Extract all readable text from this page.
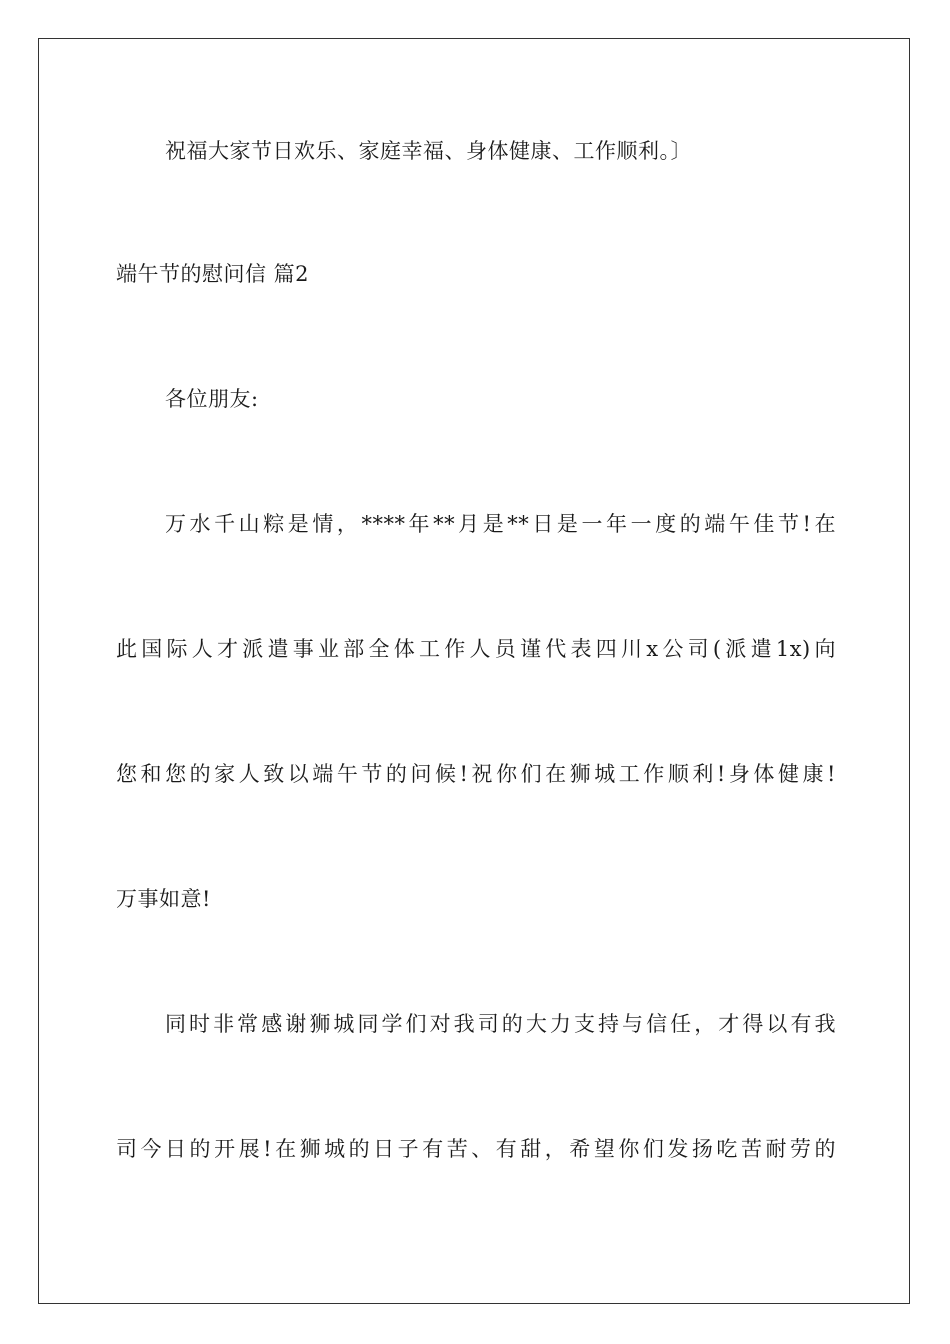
祝福大家节日欢乐、家庭幸福、身体健康、工作顺利。〕
端午节的慰问信 篇2
各位朋友:
万水千山粽是情，****年**月是**日是一年一度的端午佳节!在
此国际人才派遣事业部全体工作人员谨代表四川x公司(派遣1x)向
您和您的家人致以端午节的问候!祝你们在狮城工作顺利!身体健康!
万事如意!
同时非常感谢狮城同学们对我司的大力支持与信任，才得以有我
司今日的开展!在狮城的日子有苦、有甜，希望你们发扬吃苦耐劳的
